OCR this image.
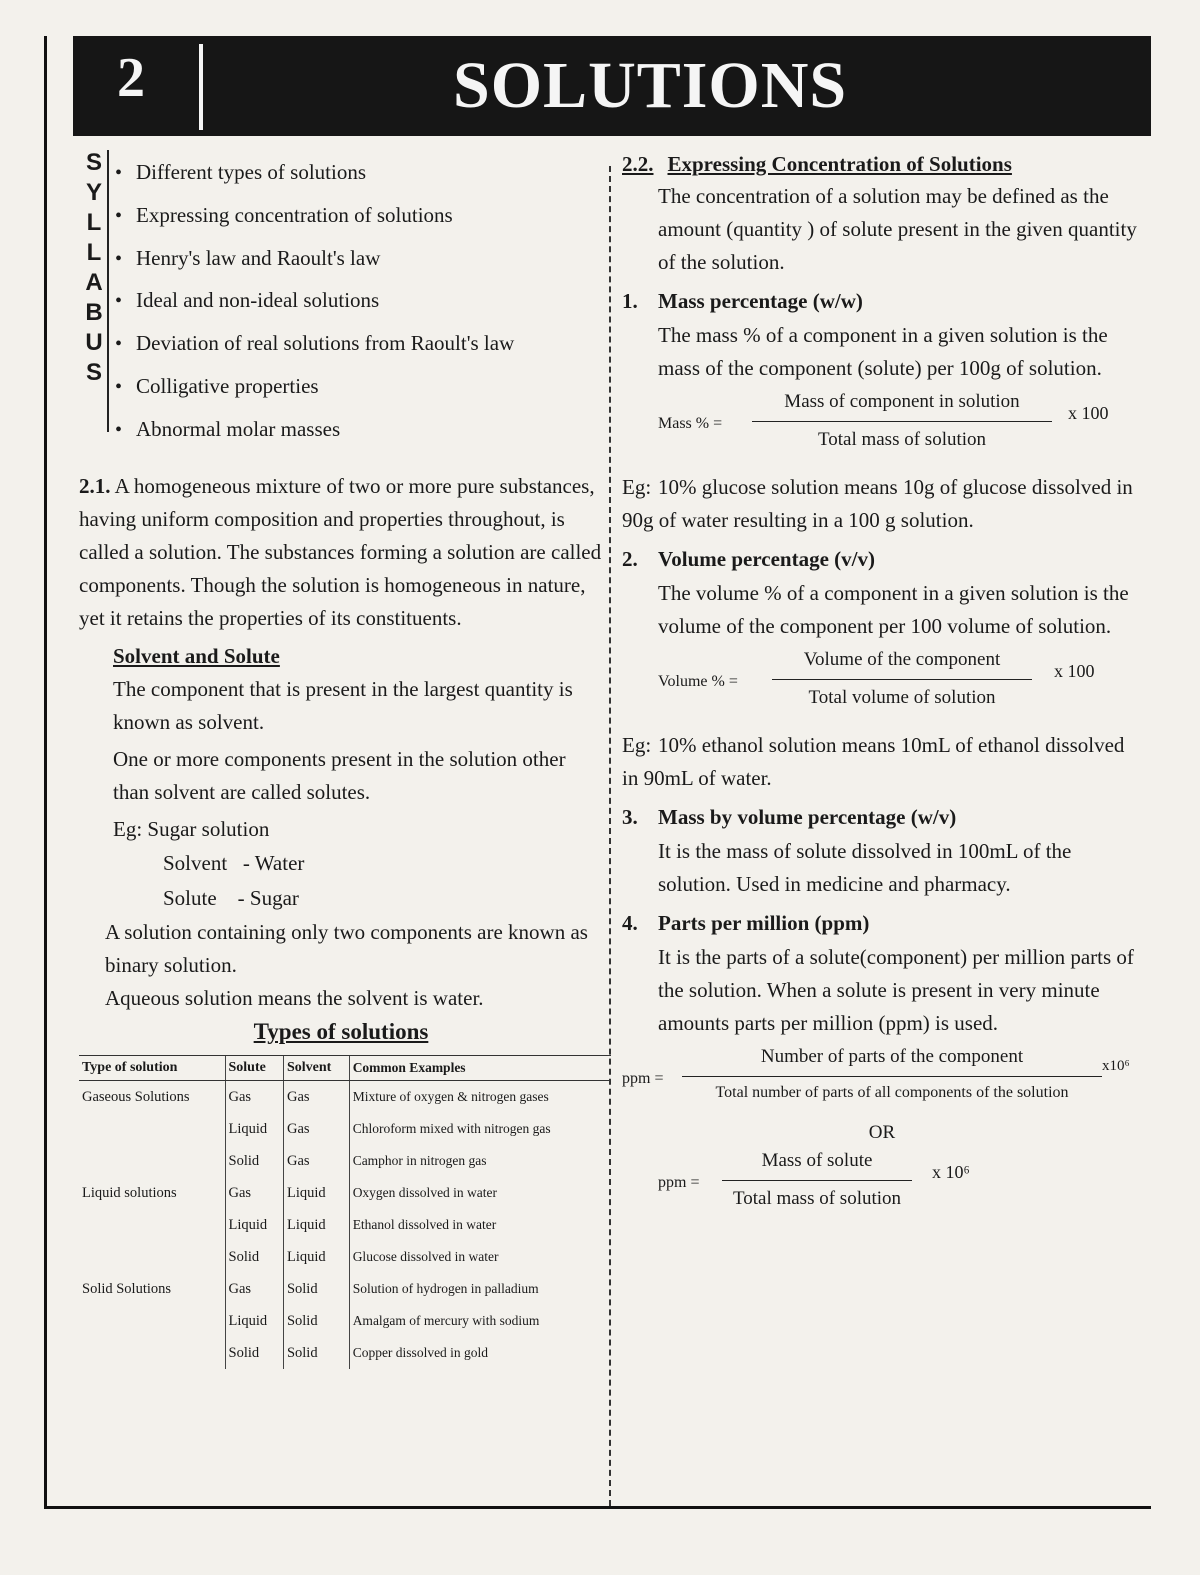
2	SOLUTIONS
S
Y
L
L
A
B
U
S
• Different types of solutions
• Expressing concentration of solutions
• Henry's law and Raoult's law
• Ideal and non-ideal solutions
• Deviation of real solutions from Raoult's law
• Colligative properties
• Abnormal molar masses

2.1. A homogeneous mixture of two or more pure substances, having uniform composition and properties throughout, is called a solution. The substances forming a solution are called components. Though the solution is homogeneous in nature, yet it retains the properties of its constituents.

Solvent and Solute

The component that is present in the largest quantity is known as solvent.

One or more components present in the solution other than solvent are called solutes.

Eg: Sugar solution

Solvent   - Water

Solute    - Sugar

A solution containing only two components are known as binary solution.

Aqueous solution means the solvent is water.

Types of solutions
Type of solution	Solute	Solvent	Common Examples
Gaseous Solutions	Gas	Gas	Mixture of oxygen & nitrogen gases
	Liquid	Gas	Chloroform mixed with nitrogen gas
	Solid	Gas	Camphor in nitrogen gas
Liquid solutions	Gas	Liquid	Oxygen dissolved in water
	Liquid	Liquid	Ethanol dissolved in water
	Solid	Liquid	Glucose dissolved in water
Solid Solutions	Gas	Solid	Solution of hydrogen in palladium
	Liquid	Solid	Amalgam of mercury with sodium
	Solid	Solid	Copper dissolved in gold

2.2. Expressing Concentration of Solutions

The concentration of a solution may be defined as the amount (quantity ) of solute present in the given quantity of the solution.

1. Mass percentage (w/w)

The mass % of a component in a given solution is the mass of the component (solute) per 100g of solution.

Mass % =
Mass of component in solution
Total mass of solution
x 100

Eg: 10% glucose solution means 10g of glucose dissolved in 90g of water resulting in a 100 g solution.

2. Volume percentage (v/v)

The volume % of a component in a given solution is the volume of the component per 100 volume of solution.

Volume % =
Volume of the component
Total volume of solution
x 100

Eg: 10% ethanol solution means 10mL of ethanol dissolved in 90mL of water.

3. Mass by volume percentage (w/v)

It is the mass of solute dissolved in 100mL of the solution. Used in medicine and pharmacy.

4. Parts per million (ppm)

It is the parts of a solute(component) per million parts of the solution. When a solute is present in very minute amounts parts per million (ppm) is used.

ppm =
Number of parts of the component
Total number of parts of all components of the solution
x10⁶

OR

ppm =
Mass of solute
Total mass of solution
x 10⁶
